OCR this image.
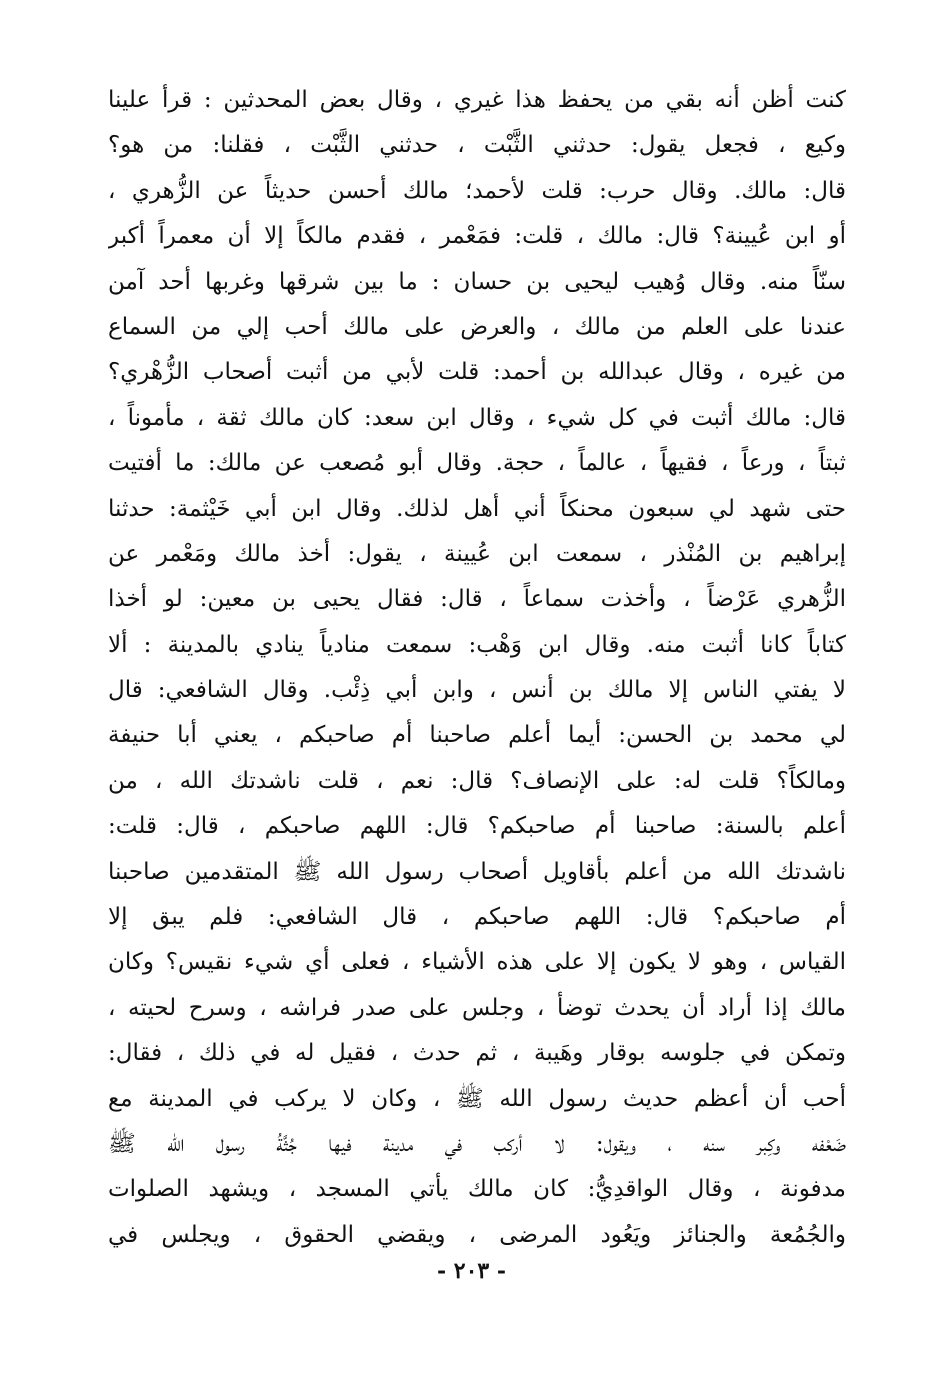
كنت أظن أنه بقي من يحفظ هذا غيري ، وقال بعض المحدثين : قرأ علينا
وكيع ، فجعل يقول: حدثني الثَّبْت ، حدثني الثَّبْت ، فقلنا: من هو؟
قال: مالك. وقال حرب: قلت لأحمد؛ مالك أحسن حديثاً عن الزُّهري ،
أو ابن عُيينة؟ قال: مالك ، قلت: فمَعْمر ، فقدم مالكاً إلا أن معمراً أكبر
سنّاً منه. وقال وُهيب ليحيى بن حسان : ما بين شرقها وغربها أحد آمن
عندنا على العلم من مالك ، والعرض على مالك أحب إلي من السماع
من غيره ، وقال عبدالله بن أحمد: قلت لأبي من أثبت أصحاب الزُّهْري؟
قال: مالك أثبت في كل شيء ، وقال ابن سعد: كان مالك ثقة ، مأموناً ،
ثبتاً ، ورعاً ، فقيهاً ، عالماً ، حجة. وقال أبو مُصعب عن مالك: ما أفتيت
حتى شهد لي سبعون محنكاً أني أهل لذلك. وقال ابن أبي خَيْثمة: حدثنا
إبراهيم بن المُنْذر ، سمعت ابن عُيينة ، يقول: أخذ مالك ومَعْمر عن
الزُّهري عَرْضاً ، وأخذت سماعاً ، قال: فقال يحيى بن معين: لو أخذا
كتاباً كانا أثبت منه. وقال ابن وَهْب: سمعت منادياً ينادي بالمدينة : ألا
لا يفتي الناس إلا مالك بن أنس ، وابن أبي ذِئْب. وقال الشافعي: قال
لي محمد بن الحسن: أيما أعلم صاحبنا أم صاحبكم ، يعني أبا حنيفة
ومالكاً؟ قلت له: على الإنصاف؟ قال: نعم ، قلت ناشدتك الله ، من
أعلم بالسنة: صاحبنا أم صاحبكم؟ قال: اللهم صاحبكم ، قال: قلت:
ناشدتك الله من أعلم بأقاويل أصحاب رسول الله ﷺ المتقدمين صاحبنا
أم صاحبكم؟ قال: اللهم صاحبكم ، قال الشافعي: فلم يبق إلا
القياس ، وهو لا يكون إلا على هذه الأشياء ، فعلى أي شيء نقيس؟ وكان
مالك إذا أراد أن يحدث توضأ ، وجلس على صدر فراشه ، وسرح لحيته ،
وتمكن في جلوسه بوقار وهَيبة ، ثم حدث ، فقيل له في ذلك ، فقال:
أحب أن أعظم حديث رسول الله ﷺ ، وكان لا يركب في المدينة مع
ضَعْفه وكِبر سنه ، ويقول: لا أركب في مدينة فيها جُثَّةُ رسول الله ﷺ
مدفونة ، وقال الواقدِيُّ: كان مالك يأتي المسجد ، ويشهد الصلوات
والجُمُعة والجنائز ويَعُود المرضى ، ويقضي الحقوق ، ويجلس في
- ٢٠٣ -
